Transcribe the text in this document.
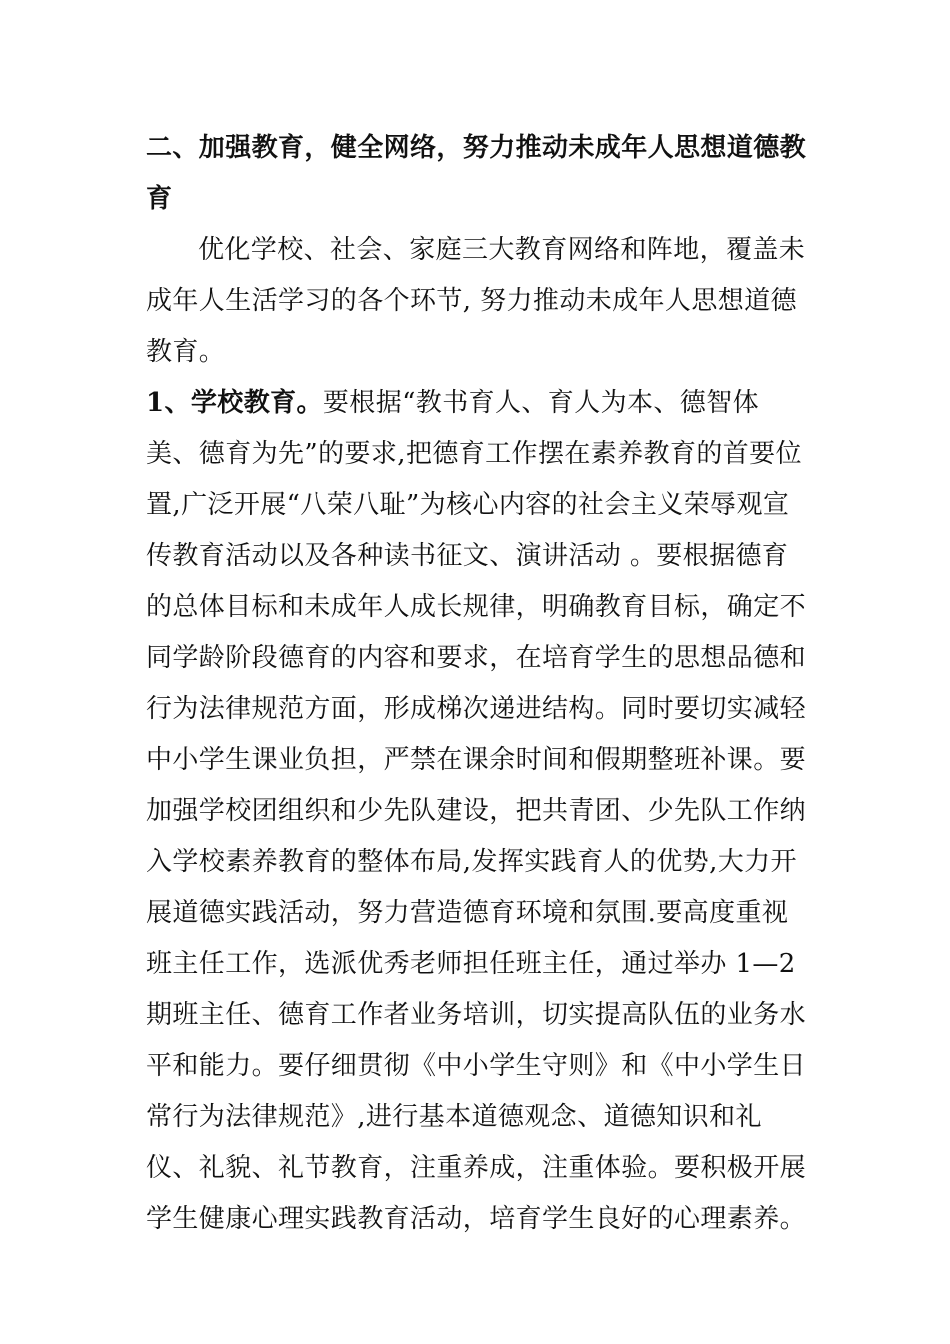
二、加强教育，健全网络，努力推动未成年人思想道德教育

优化学校、社会、家庭三大教育网络和阵地，覆盖未成年人生活学习的各个环节, 努力推动未成年人思想道德教育。

1、学校教育。要根据“教书育人、育人为本、德智体美、德育为先”的要求,把德育工作摆在素养教育的首要位置,广泛开展“八荣八耻”为核心内容的社会主义荣辱观宣传教育活动以及各种读书征文、演讲活动 。要根据德育的总体目标和未成年人成长规律，明确教育目标，确定不同学龄阶段德育的内容和要求，在培育学生的思想品德和行为法律规范方面，形成梯次递进结构。同时要切实减轻中小学生课业负担，严禁在课余时间和假期整班补课。要加强学校团组织和少先队建设，把共青团、少先队工作纳入学校素养教育的整体布局,发挥实践育人的优势,大力开展道德实践活动，努力营造德育环境和氛围.要高度重视班主任工作，选派优秀老师担任班主任，通过举办 1—2 期班主任、德育工作者业务培训，切实提高队伍的业务水平和能力。要仔细贯彻《中小学生守则》和《中小学生日常行为法律规范》,进行基本道德观念、道德知识和礼仪、礼貌、礼节教育，注重养成，注重体验。要积极开展学生健康心理实践教育活动，培育学生良好的心理素养。
